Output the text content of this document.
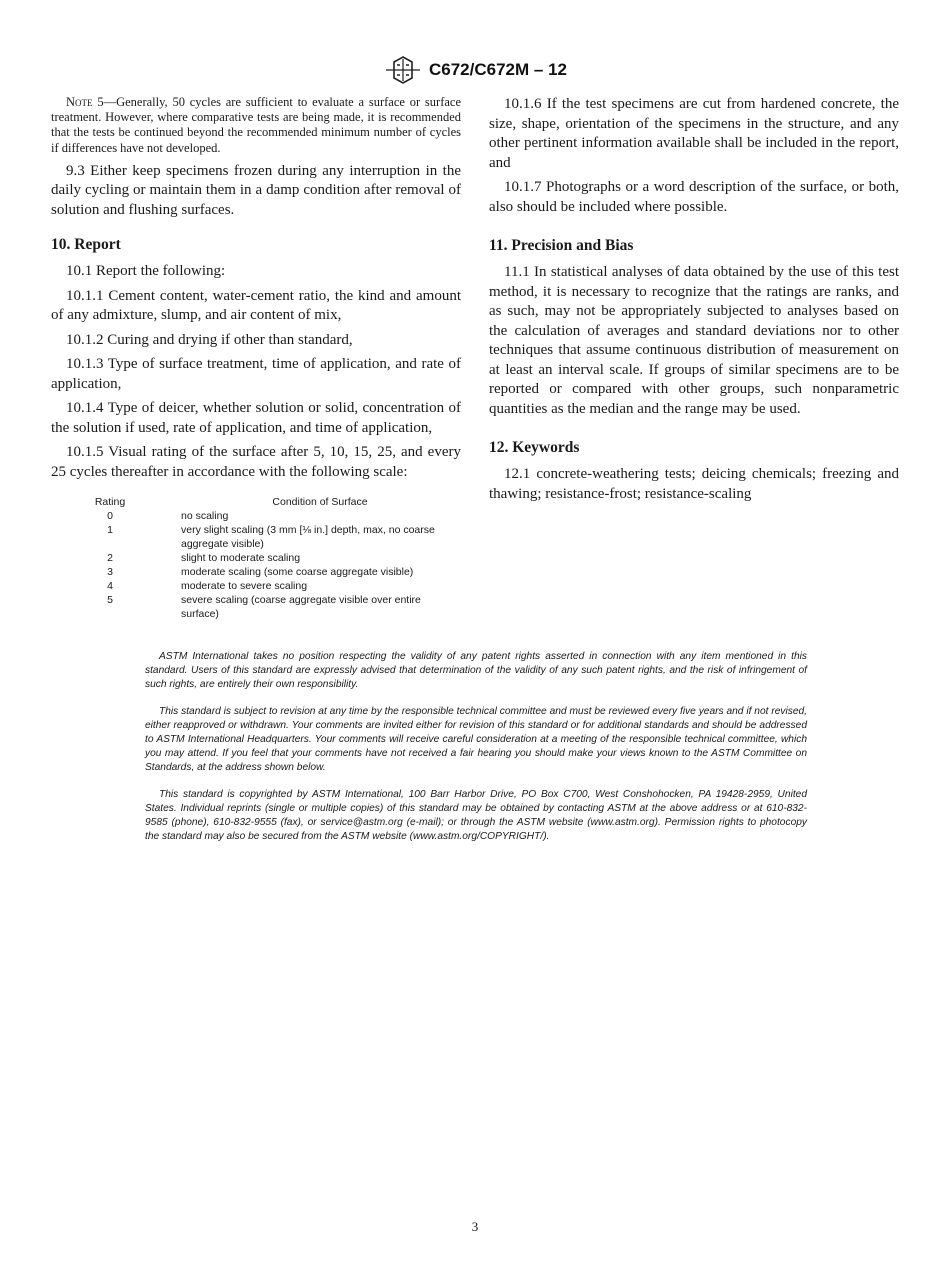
C672/C672M – 12

Note 5—Generally, 50 cycles are sufficient to evaluate a surface or surface treatment. However, where comparative tests are being made, it is recommended that the tests be continued beyond the recommended minimum number of cycles if differences have not developed.

9.3 Either keep specimens frozen during any interruption in the daily cycling or maintain them in a damp condition after removal of solution and flushing surfaces.

10. Report

10.1 Report the following:

10.1.1 Cement content, water-cement ratio, the kind and amount of any admixture, slump, and air content of mix,

10.1.2 Curing and drying if other than standard,

10.1.3 Type of surface treatment, time of application, and rate of application,

10.1.4 Type of deicer, whether solution or solid, concentration of the solution if used, rate of application, and time of application,

10.1.5 Visual rating of the surface after 5, 10, 15, 25, and every 25 cycles thereafter in accordance with the following scale:

Rating		Condition of Surface
0		no scaling
1		very slight scaling (3 mm [⅛ in.] depth, max, no coarse aggregate visible)
2		slight to moderate scaling
3		moderate scaling (some coarse aggregate visible)
4		moderate to severe scaling
5		severe scaling (coarse aggregate visible over entire surface)

10.1.6 If the test specimens are cut from hardened concrete, the size, shape, orientation of the specimens in the structure, and any other pertinent information available shall be included in the report, and

10.1.7 Photographs or a word description of the surface, or both, also should be included where possible.

11. Precision and Bias

11.1 In statistical analyses of data obtained by the use of this test method, it is necessary to recognize that the ratings are ranks, and as such, may not be appropriately subjected to analyses based on the calculation of averages and standard deviations nor to other techniques that assume continuous distribution of measurement on at least an interval scale. If groups of similar specimens are to be reported or compared with other groups, such nonparametric quantities as the median and the range may be used.

12. Keywords

12.1 concrete-weathering tests; deicing chemicals; freezing and thawing; resistance-frost; resistance-scaling

ASTM International takes no position respecting the validity of any patent rights asserted in connection with any item mentioned in this standard. Users of this standard are expressly advised that determination of the validity of any such patent rights, and the risk of infringement of such rights, are entirely their own responsibility.

This standard is subject to revision at any time by the responsible technical committee and must be reviewed every five years and if not revised, either reapproved or withdrawn. Your comments are invited either for revision of this standard or for additional standards and should be addressed to ASTM International Headquarters. Your comments will receive careful consideration at a meeting of the responsible technical committee, which you may attend. If you feel that your comments have not received a fair hearing you should make your views known to the ASTM Committee on Standards, at the address shown below.

This standard is copyrighted by ASTM International, 100 Barr Harbor Drive, PO Box C700, West Conshohocken, PA 19428-2959, United States. Individual reprints (single or multiple copies) of this standard may be obtained by contacting ASTM at the above address or at 610-832-9585 (phone), 610-832-9555 (fax), or service@astm.org (e-mail); or through the ASTM website (www.astm.org). Permission rights to photocopy the standard may also be secured from the ASTM website (www.astm.org/COPYRIGHT/).

3
